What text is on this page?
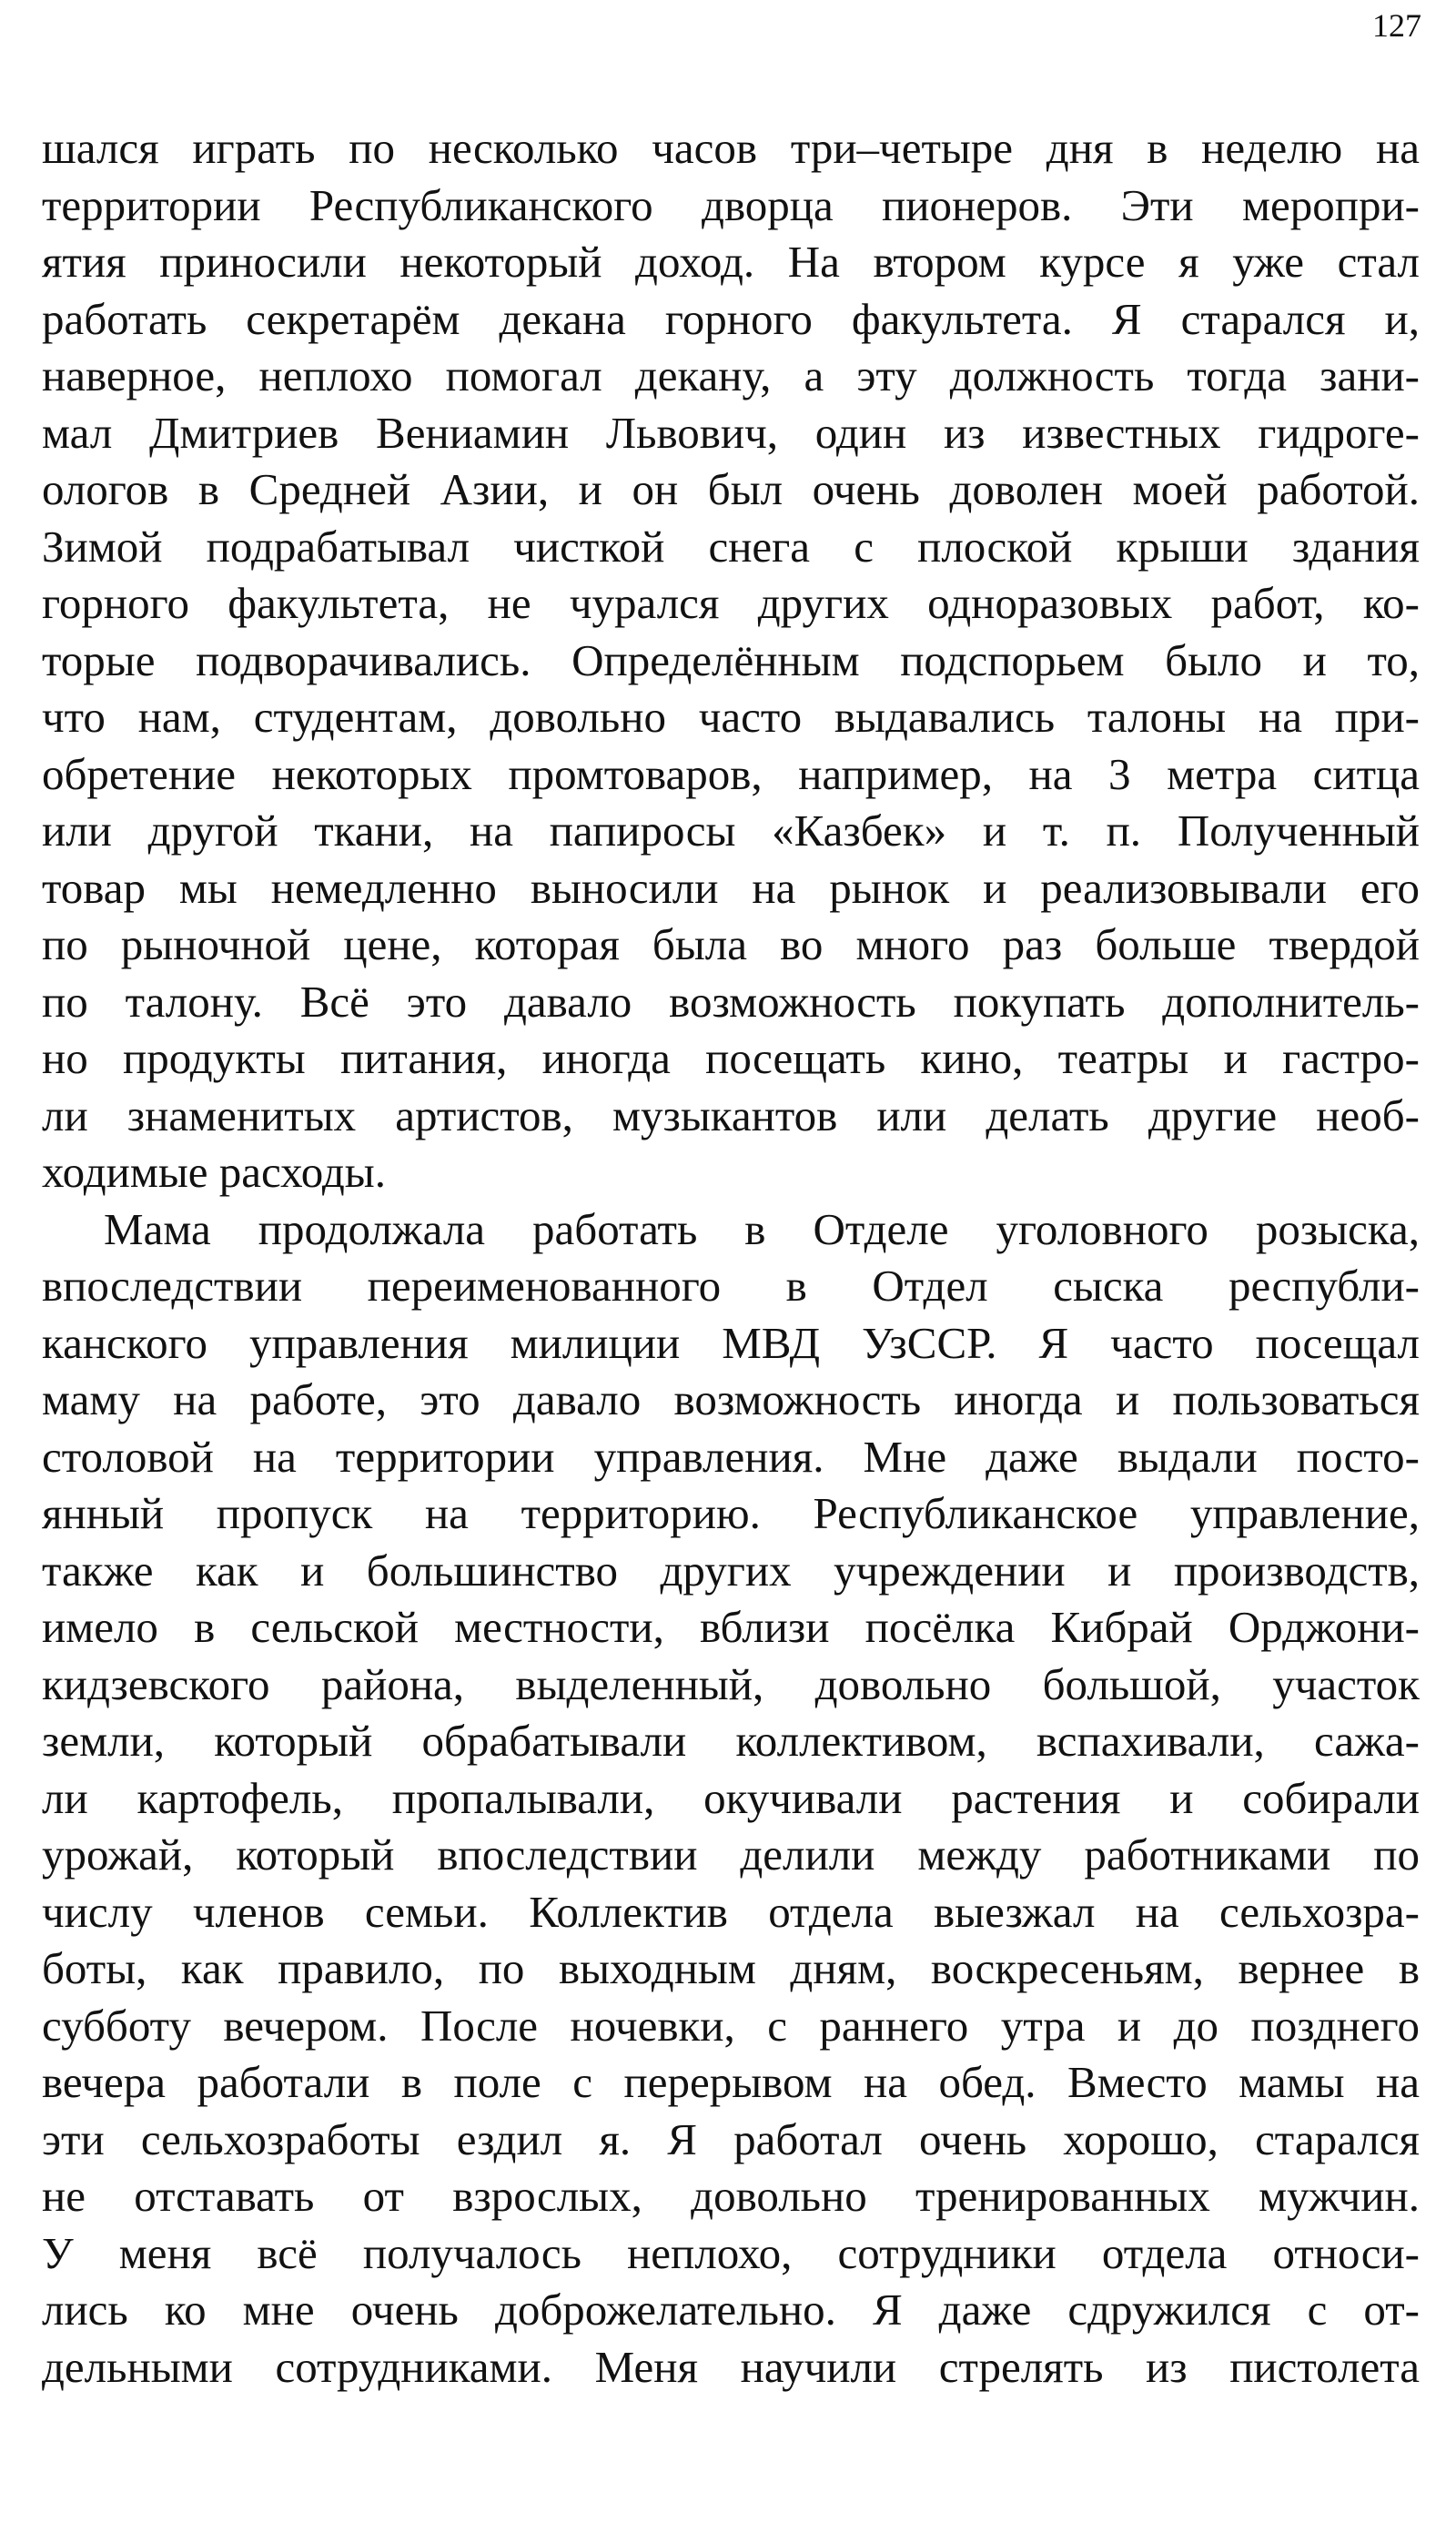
127
шался играть по несколько часов три–четыре дня в неделю на
территории Республиканского дворца пионеров. Эти меропри-
ятия приносили некоторый доход. На втором курсе я уже стал
работать секретарём декана горного факультета. Я старался и,
наверное, неплохо помогал декану, а эту должность тогда зани-
мал Дмитриев Вениамин Львович, один из известных гидроге-
ологов в Средней Азии, и он был очень доволен моей работой.
Зимой подрабатывал чисткой снега с плоской крыши здания
горного факультета, не чурался других одноразовых работ, ко-
торые подворачивались. Определённым подспорьем было и то,
что нам, студентам, довольно часто выдавались талоны на при-
обретение некоторых промтоваров, например, на 3 метра ситца
или другой ткани, на папиросы «Казбек» и т. п. Полученный
товар мы немедленно выносили на рынок и реализовывали его
по рыночной цене, которая была во много раз больше твердой
по талону. Всё это давало возможность покупать дополнитель-
но продукты питания, иногда посещать кино, театры и гастро-
ли знаменитых артистов, музыкантов или делать другие необ-
ходимые расходы.
Мама продолжала работать в Отделе уголовного розыска,
впоследствии переименованного в Отдел сыска республи-
канского управления милиции МВД УзССР. Я часто посещал
маму на работе, это давало возможность иногда и пользоваться
столовой на территории управления. Мне даже выдали посто-
янный пропуск на территорию. Республиканское управление,
также как и большинство других учреждении и производств,
имело в сельской местности, вблизи посёлка Кибрай Орджони-
кидзевского района, выделенный, довольно большой, участок
земли, который обрабатывали коллективом, вспахивали, сажа-
ли картофель, пропалывали, окучивали растения и собирали
урожай, который впоследствии делили между работниками по
числу членов семьи. Коллектив отдела выезжал на сельхозра-
боты, как правило, по выходным дням, воскресеньям, вернее в
субботу вечером. После ночевки, с раннего утра и до позднего
вечера работали в поле с перерывом на обед. Вместо мамы на
эти сельхозработы ездил я. Я работал очень хорошо, старался
не отставать от взрослых, довольно тренированных мужчин.
У меня всё получалось неплохо, сотрудники отдела относи-
лись ко мне очень доброжелательно. Я даже сдружился с от-
дельными сотрудниками. Меня научили стрелять из пистолета
